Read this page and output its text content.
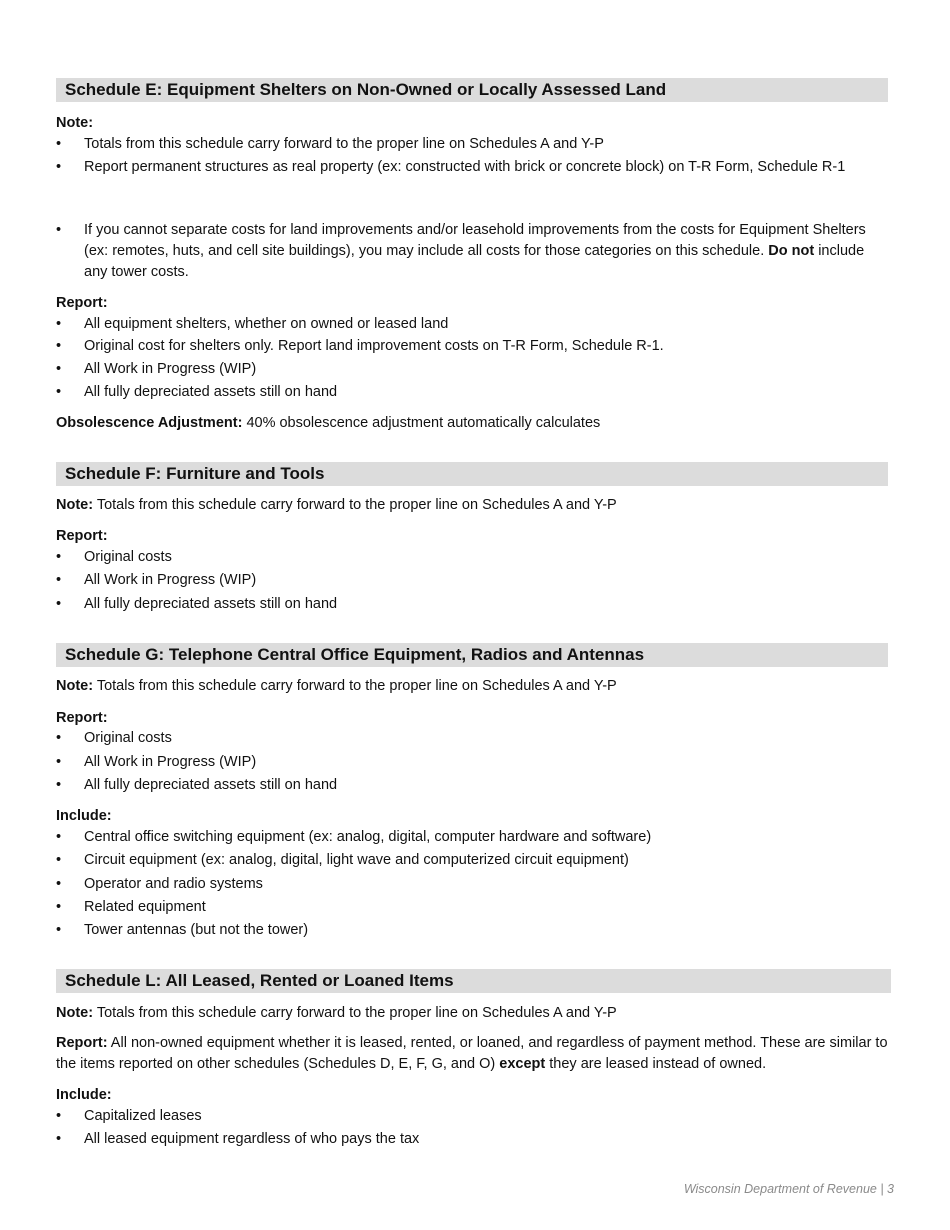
Schedule E: Equipment Shelters on Non-Owned or Locally Assessed Land
Note:
•	Totals from this schedule carry forward to the proper line on Schedules A and Y-P
•	Report permanent structures as real property (ex: constructed with brick or concrete block) on T-R Form, Schedule R-1
•	If you cannot separate costs for land improvements and/or leasehold improvements from the costs for Equipment Shelters (ex: remotes, huts, and cell site buildings), you may include all costs for those categories on this schedule. Do not include any tower costs.
Report:
•	All equipment shelters, whether on owned or leased land
•	Original cost for shelters only. Report land improvement costs on T-R Form, Schedule R-1.
•	All Work in Progress (WIP)
•	All fully depreciated assets still on hand
Obsolescence Adjustment: 40% obsolescence adjustment automatically calculates
Schedule F: Furniture and Tools
Note: Totals from this schedule carry forward to the proper line on Schedules A and Y-P
Report:
•	Original costs
•	All Work in Progress (WIP)
•	All fully depreciated assets still on hand
Schedule G: Telephone Central Office Equipment, Radios and Antennas
Note: Totals from this schedule carry forward to the proper line on Schedules A and Y-P
Report:
•	Original costs
•	All Work in Progress (WIP)
•	All fully depreciated assets still on hand
Include:
•	Central office switching equipment (ex: analog, digital, computer hardware and software)
•	Circuit equipment (ex: analog, digital, light wave and computerized circuit equipment)
•	Operator and radio systems
•	Related equipment
•	Tower antennas (but not the tower)
Schedule L: All Leased, Rented or Loaned Items
Note: Totals from this schedule carry forward to the proper line on Schedules A and Y-P
Report: All non-owned equipment whether it is leased, rented, or loaned, and regardless of payment method. These are similar to the items reported on other schedules (Schedules D, E, F, G, and O) except they are leased instead of owned.
Include:
•	Capitalized leases
•	All leased equipment regardless of who pays the tax
Wisconsin Department of Revenue | 3
